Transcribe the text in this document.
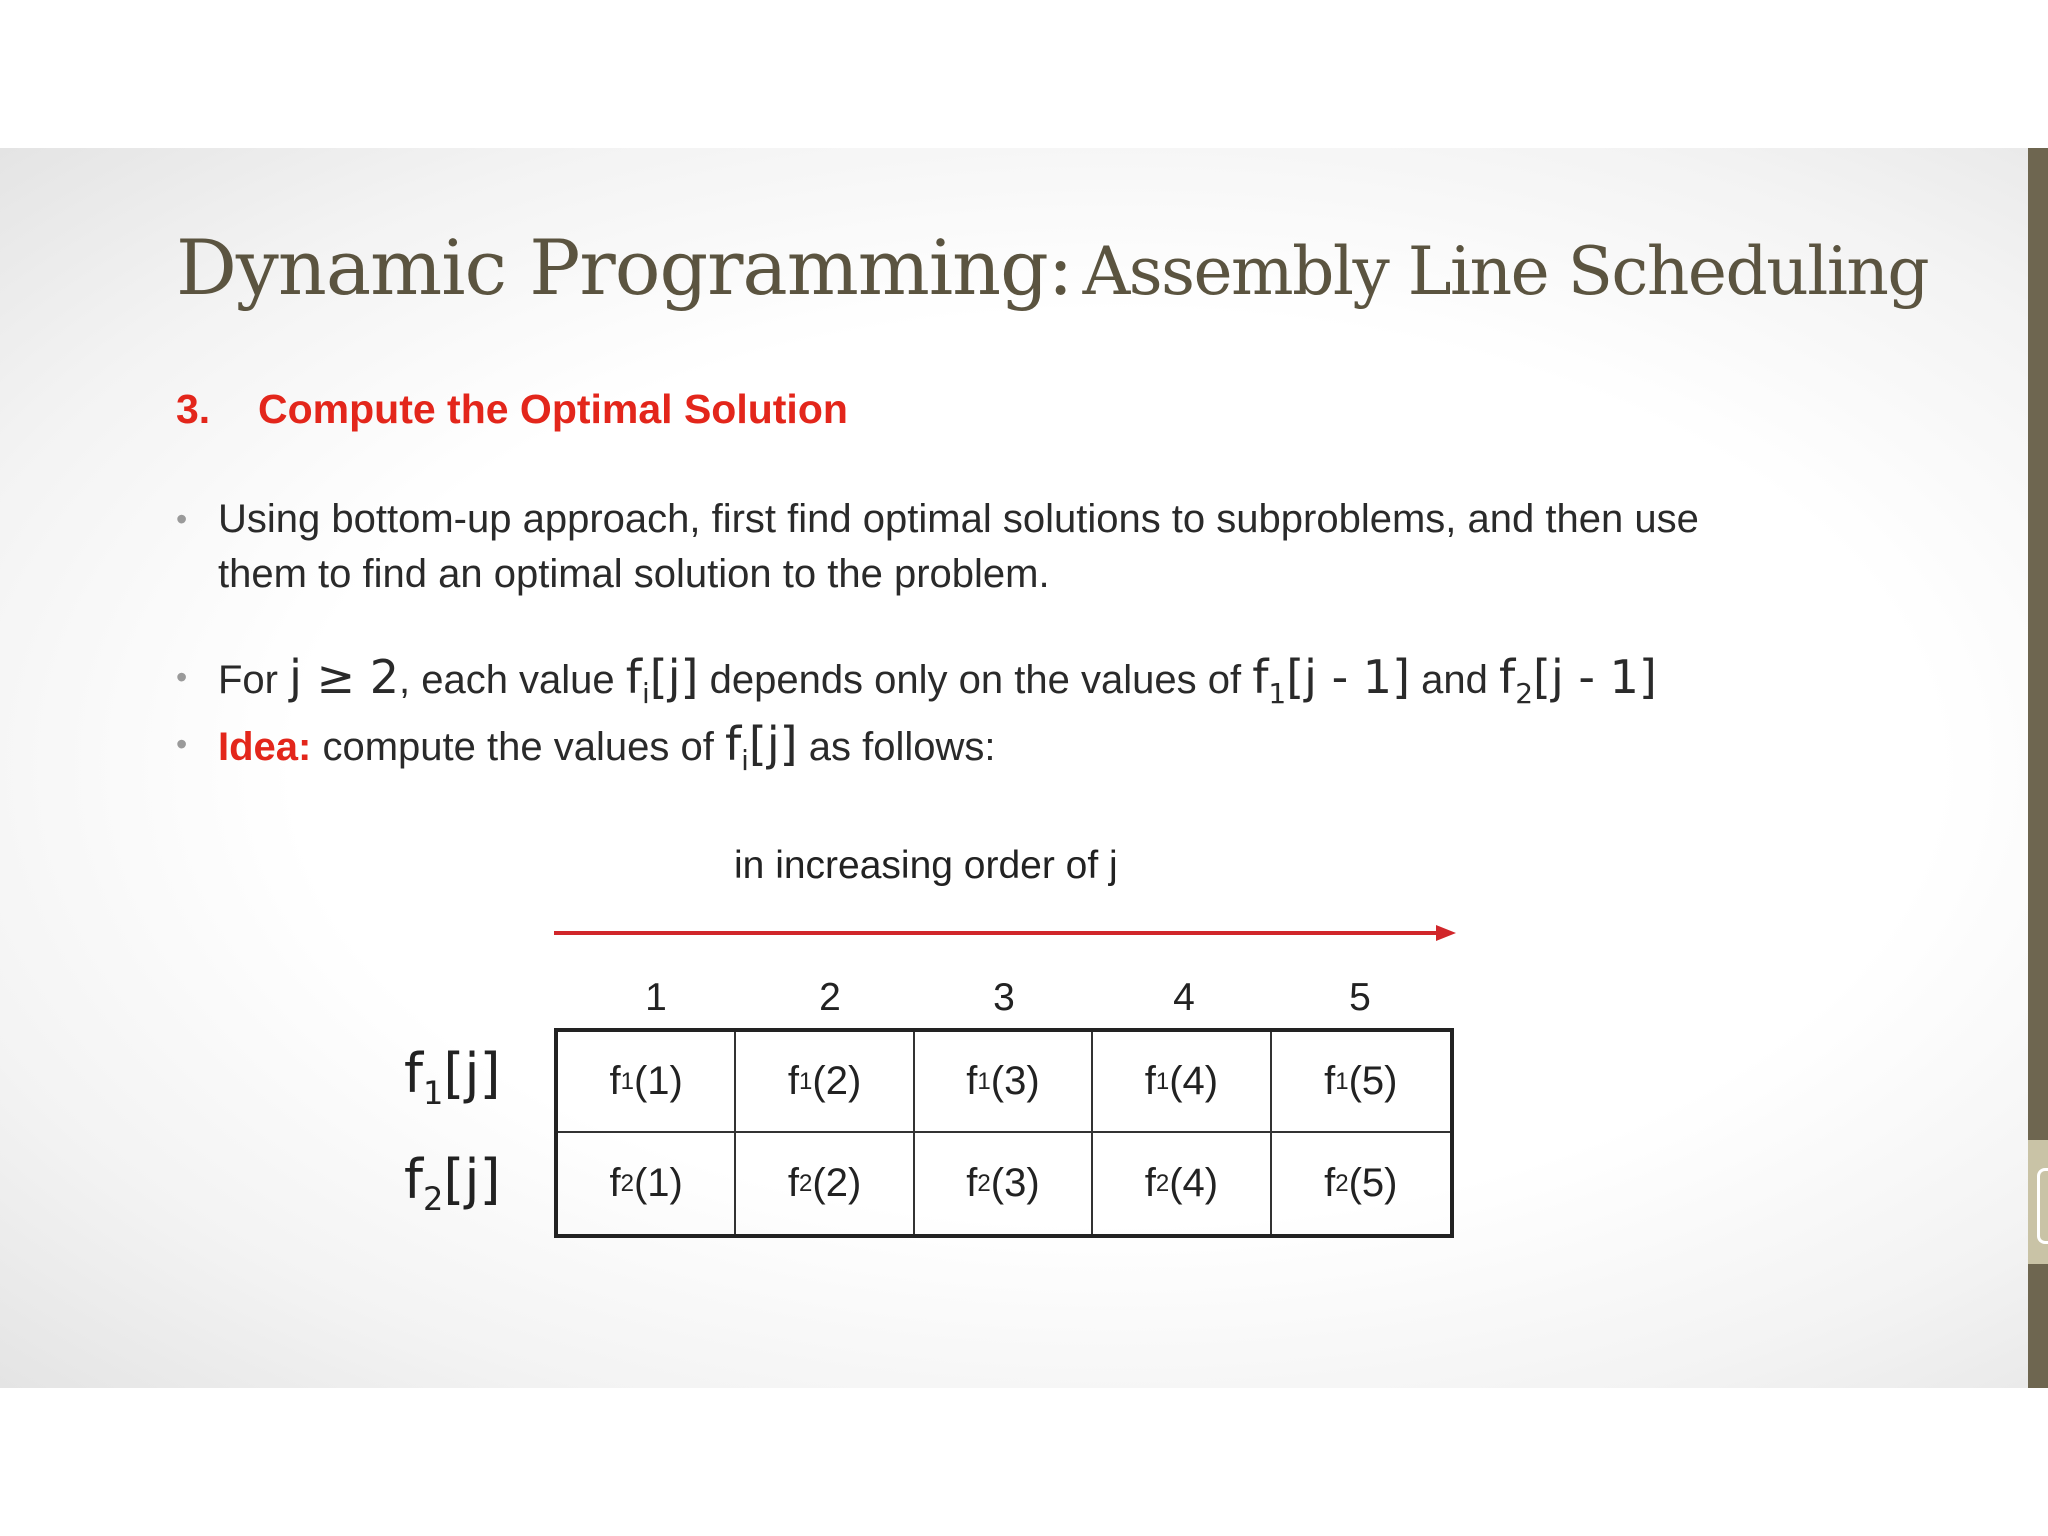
Dynamic Programming: Assembly Line Scheduling
3. Compute the Optimal Solution
• Using bottom-up approach, first find optimal solutions to subproblems, and then use
them to find an optimal solution to the problem.
• For j ≥ 2, each value $f_i[j]$ depends only on the values of $f_1[j - 1]$ and $f_2[j - 1]$
• Idea: compute the values of $f_i[j]$ as follows:
in increasing order of j
1	2	3	4	5
$f_1[j]$
$f_2[j]$
f 1 (1)	f 1 (2)	f 1 (3)	f 1 (4)	f 1 (5)
f 2 (1)	f 2 (2)	f 2 (3)	f 2 (4)	f 2 (5)
